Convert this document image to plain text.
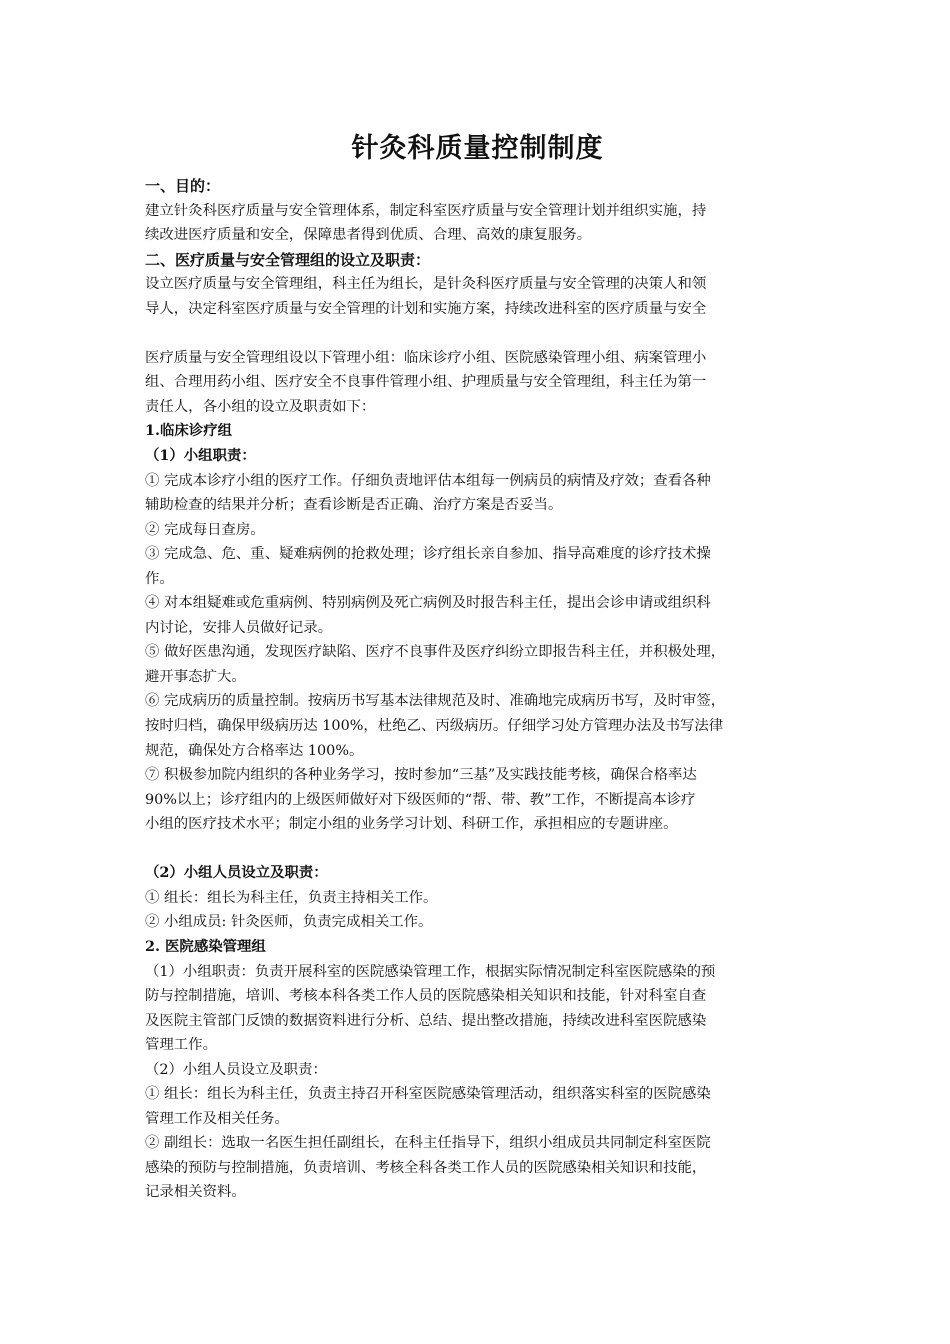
针灸科质量控制制度
一、目的：
建立针灸科医疗质量与安全管理体系，制定科室医疗质量与安全管理计划并组织实施，持
续改进医疗质量和安全，保障患者得到优质、合理、高效的康复服务。
二、医疗质量与安全管理组的设立及职责：
设立医疗质量与安全管理组，科主任为组长，是针灸科医疗质量与安全管理的决策人和领
导人，决定科室医疗质量与安全管理的计划和实施方案，持续改进科室的医疗质量与安全
医疗质量与安全管理组设以下管理小组：临床诊疗小组、医院感染管理小组、病案管理小
组、合理用药小组、医疗安全不良事件管理小组、护理质量与安全管理组，科主任为第一
责任人，各小组的设立及职责如下：
1.临床诊疗组
（1）小组职责：
① 完成本诊疗小组的医疗工作。仔细负责地评估本组每一例病员的病情及疗效；查看各种
辅助检查的结果并分析；查看诊断是否正确、治疗方案是否妥当。
② 完成每日查房。
③ 完成急、危、重、疑难病例的抢救处理；诊疗组长亲自参加、指导高难度的诊疗技术操
作。
④ 对本组疑难或危重病例、特别病例及死亡病例及时报告科主任，提出会诊申请或组织科
内讨论，安排人员做好记录。
⑤ 做好医患沟通，发现医疗缺陷、医疗不良事件及医疗纠纷立即报告科主任，并积极处理，
避开事态扩大。
⑥ 完成病历的质量控制。按病历书写基本法律规范及时、准确地完成病历书写，及时审签，
按时归档，确保甲级病历达 100%，杜绝乙、丙级病历。仔细学习处方管理办法及书写法律
规范，确保处方合格率达 100%。
⑦ 积极参加院内组织的各种业务学习，按时参加“三基”及实践技能考核，确保合格率达
90%以上；诊疗组内的上级医师做好对下级医师的“帮、带、教”工作，不断提高本诊疗
小组的医疗技术水平；制定小组的业务学习计划、科研工作，承担相应的专题讲座。
（2）小组人员设立及职责：
① 组长：组长为科主任，负责主持相关工作。
② 小组成员: 针灸医师，负责完成相关工作。
2. 医院感染管理组
（1）小组职责：负责开展科室的医院感染管理工作，根据实际情况制定科室医院感染的预
防与控制措施，培训、考核本科各类工作人员的医院感染相关知识和技能，针对科室自查
及医院主管部门反馈的数据资料进行分析、总结、提出整改措施，持续改进科室医院感染
管理工作。
（2）小组人员设立及职责：
① 组长：组长为科主任，负责主持召开科室医院感染管理活动，组织落实科室的医院感染
管理工作及相关任务。
② 副组长：选取一名医生担任副组长，在科主任指导下，组织小组成员共同制定科室医院
感染的预防与控制措施，负责培训、考核全科各类工作人员的医院感染相关知识和技能，
记录相关资料。
